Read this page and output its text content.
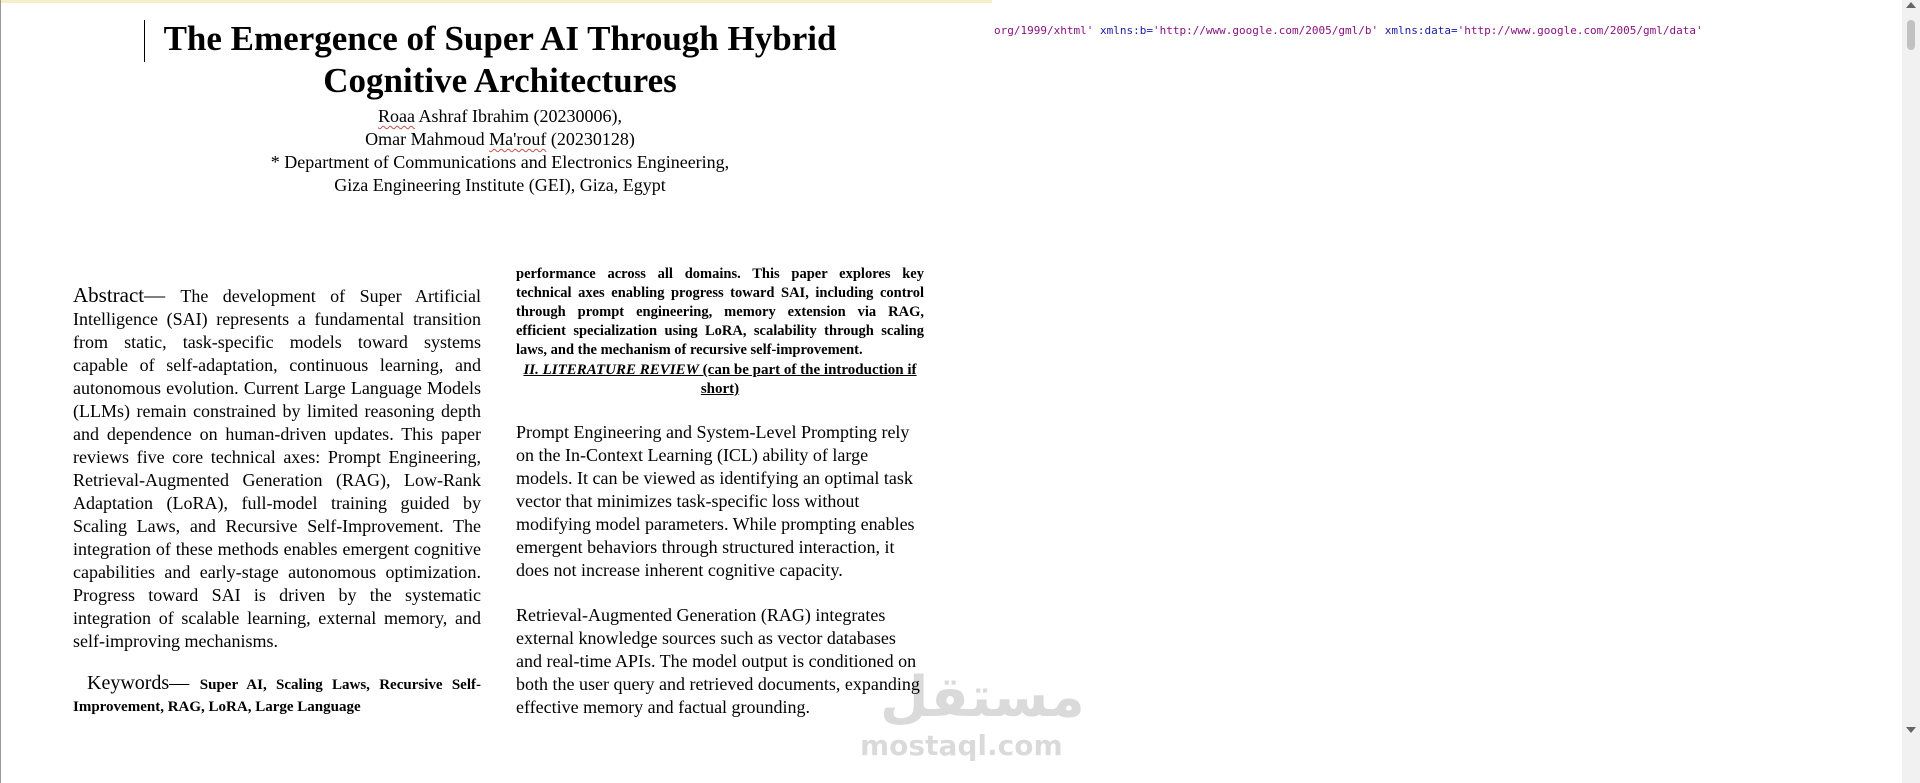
The Emergence of Super AI Through Hybrid Cognitive Architectures

Roaa Ashraf Ibrahim (20230006),

Omar Mahmoud Ma'rouf (20230128)

* Department of Communications and Electronics Engineering,

Giza Engineering Institute (GEI), Giza, Egypt

Abstract— The development of Super Artificial Intelligence (SAI) represents a fundamental transition from static, task-specific models toward systems capable of self-adaptation, continuous learning, and autonomous evolution. Current Large Language Models (LLMs) remain constrained by limited reasoning depth and dependence on human-driven updates. This paper reviews five core technical axes: Prompt Engineering, Retrieval-Augmented Generation (RAG), Low-Rank Adaptation (LoRA), full-model training guided by Scaling Laws, and Recursive Self-Improvement. The integration of these methods enables emergent cognitive capabilities and early-stage autonomous optimization. Progress toward SAI is driven by the systematic integration of scalable learning, external memory, and self-improving mechanisms.

Keywords— Super AI, Scaling Laws, Recursive Self-Improvement, RAG, LoRA, Large Language

performance across all domains. This paper explores key technical axes enabling progress toward SAI, including control through prompt engineering, memory extension via RAG, efficient specialization using LoRA, scalability through scaling laws, and the mechanism of recursive self-improvement.

II. LITERATURE REVIEW (can be part of the introduction if short)

Prompt Engineering and System-Level Prompting rely on the In-Context Learning (ICL) ability of large models. It can be viewed as identifying an optimal task vector that minimizes task-specific loss without modifying model parameters. While prompting enables emergent behaviors through structured interaction, it does not increase inherent cognitive capacity.

Retrieval-Augmented Generation (RAG) integrates external knowledge sources such as vector databases and real-time APIs. The model output is conditioned on both the user query and retrieved documents, expanding effective memory and factual grounding.

org/1999/xhtml' xmlns:b='http://www.google.com/2005/gml/b' xmlns:data='http://www.google.com/2005/gml/data'
مستقل
mostaql.com
